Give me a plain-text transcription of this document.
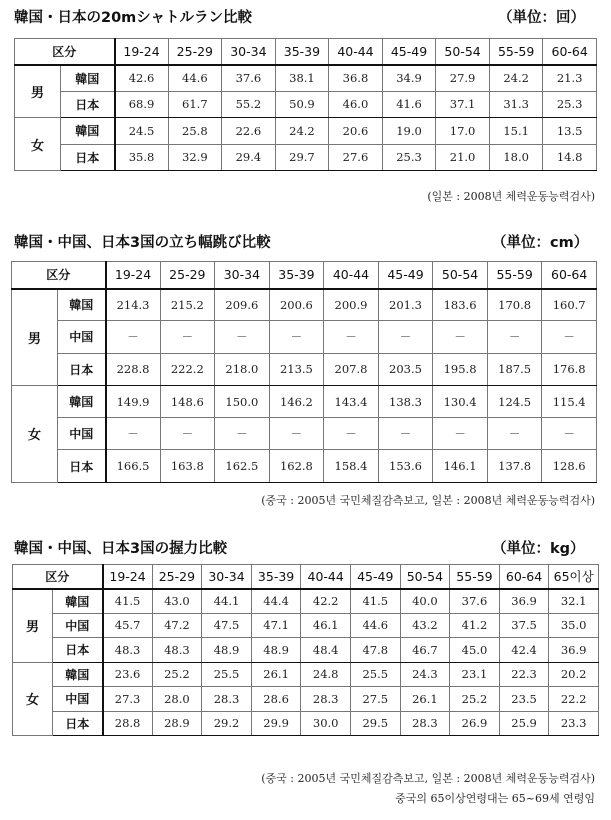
韓国・日本の20mシャトルラン比較	（単位：回）
区分		19-24	25-29	30-34	35-39	40-44	45-49	50-54	55-59	60-64
男	韓国	42.6	44.6	37.6	38.1	36.8	34.9	27.9	24.2	21.3
	日本	68.9	61.7	55.2	50.9	46.0	41.6	37.1	31.3	25.3
女	韓国	24.5	25.8	22.6	24.2	20.6	19.0	17.0	15.1	13.5
	日本	35.8	32.9	29.4	29.7	27.6	25.3	21.0	18.0	14.8
(일본 : 2008년 체력운동능력검사)
韓国・中国、日本3国の立ち幅跳び比較	（単位：cm）
区分		19-24	25-29	30-34	35-39	40-44	45-49	50-54	55-59	60-64
男	韓国	214.3	215.2	209.6	200.6	200.9	201.3	183.6	170.8	160.7
	中国	－	－	－	－	－	－	－	－	－
	日本	228.8	222.2	218.0	213.5	207.8	203.5	195.8	187.5	176.8
女	韓国	149.9	148.6	150.0	146.2	143.4	138.3	130.4	124.5	115.4
	中国	－	－	－	－	－	－	－	－	－
	日本	166.5	163.8	162.5	162.8	158.4	153.6	146.1	137.8	128.6
(중국 : 2005년 국민체질감측보고, 일본 : 2008년 체력운동능력검사)
韓国・中国、日本3国の握力比較	（単位：kg）
区分		19-24	25-29	30-34	35-39	40-44	45-49	50-54	55-59	60-64	65이상
男	韓国	41.5	43.0	44.1	44.4	42.2	41.5	40.0	37.6	36.9	32.1
	中国	45.7	47.2	47.5	47.1	46.1	44.6	43.2	41.2	37.5	35.0
	日本	48.3	48.3	48.9	48.9	48.4	47.8	46.7	45.0	42.4	36.9
女	韓国	23.6	25.2	25.5	26.1	24.8	25.5	24.3	23.1	22.3	20.2
	中国	27.3	28.0	28.3	28.6	28.3	27.5	26.1	25.2	23.5	22.2
	日本	28.8	28.9	29.2	29.9	30.0	29.5	28.3	26.9	25.9	23.3
(중국 : 2005년 국민체질감측보고, 일본 : 2008년 체력운동능력검사)
중국의 65이상연령대는 65~69세 연령임
